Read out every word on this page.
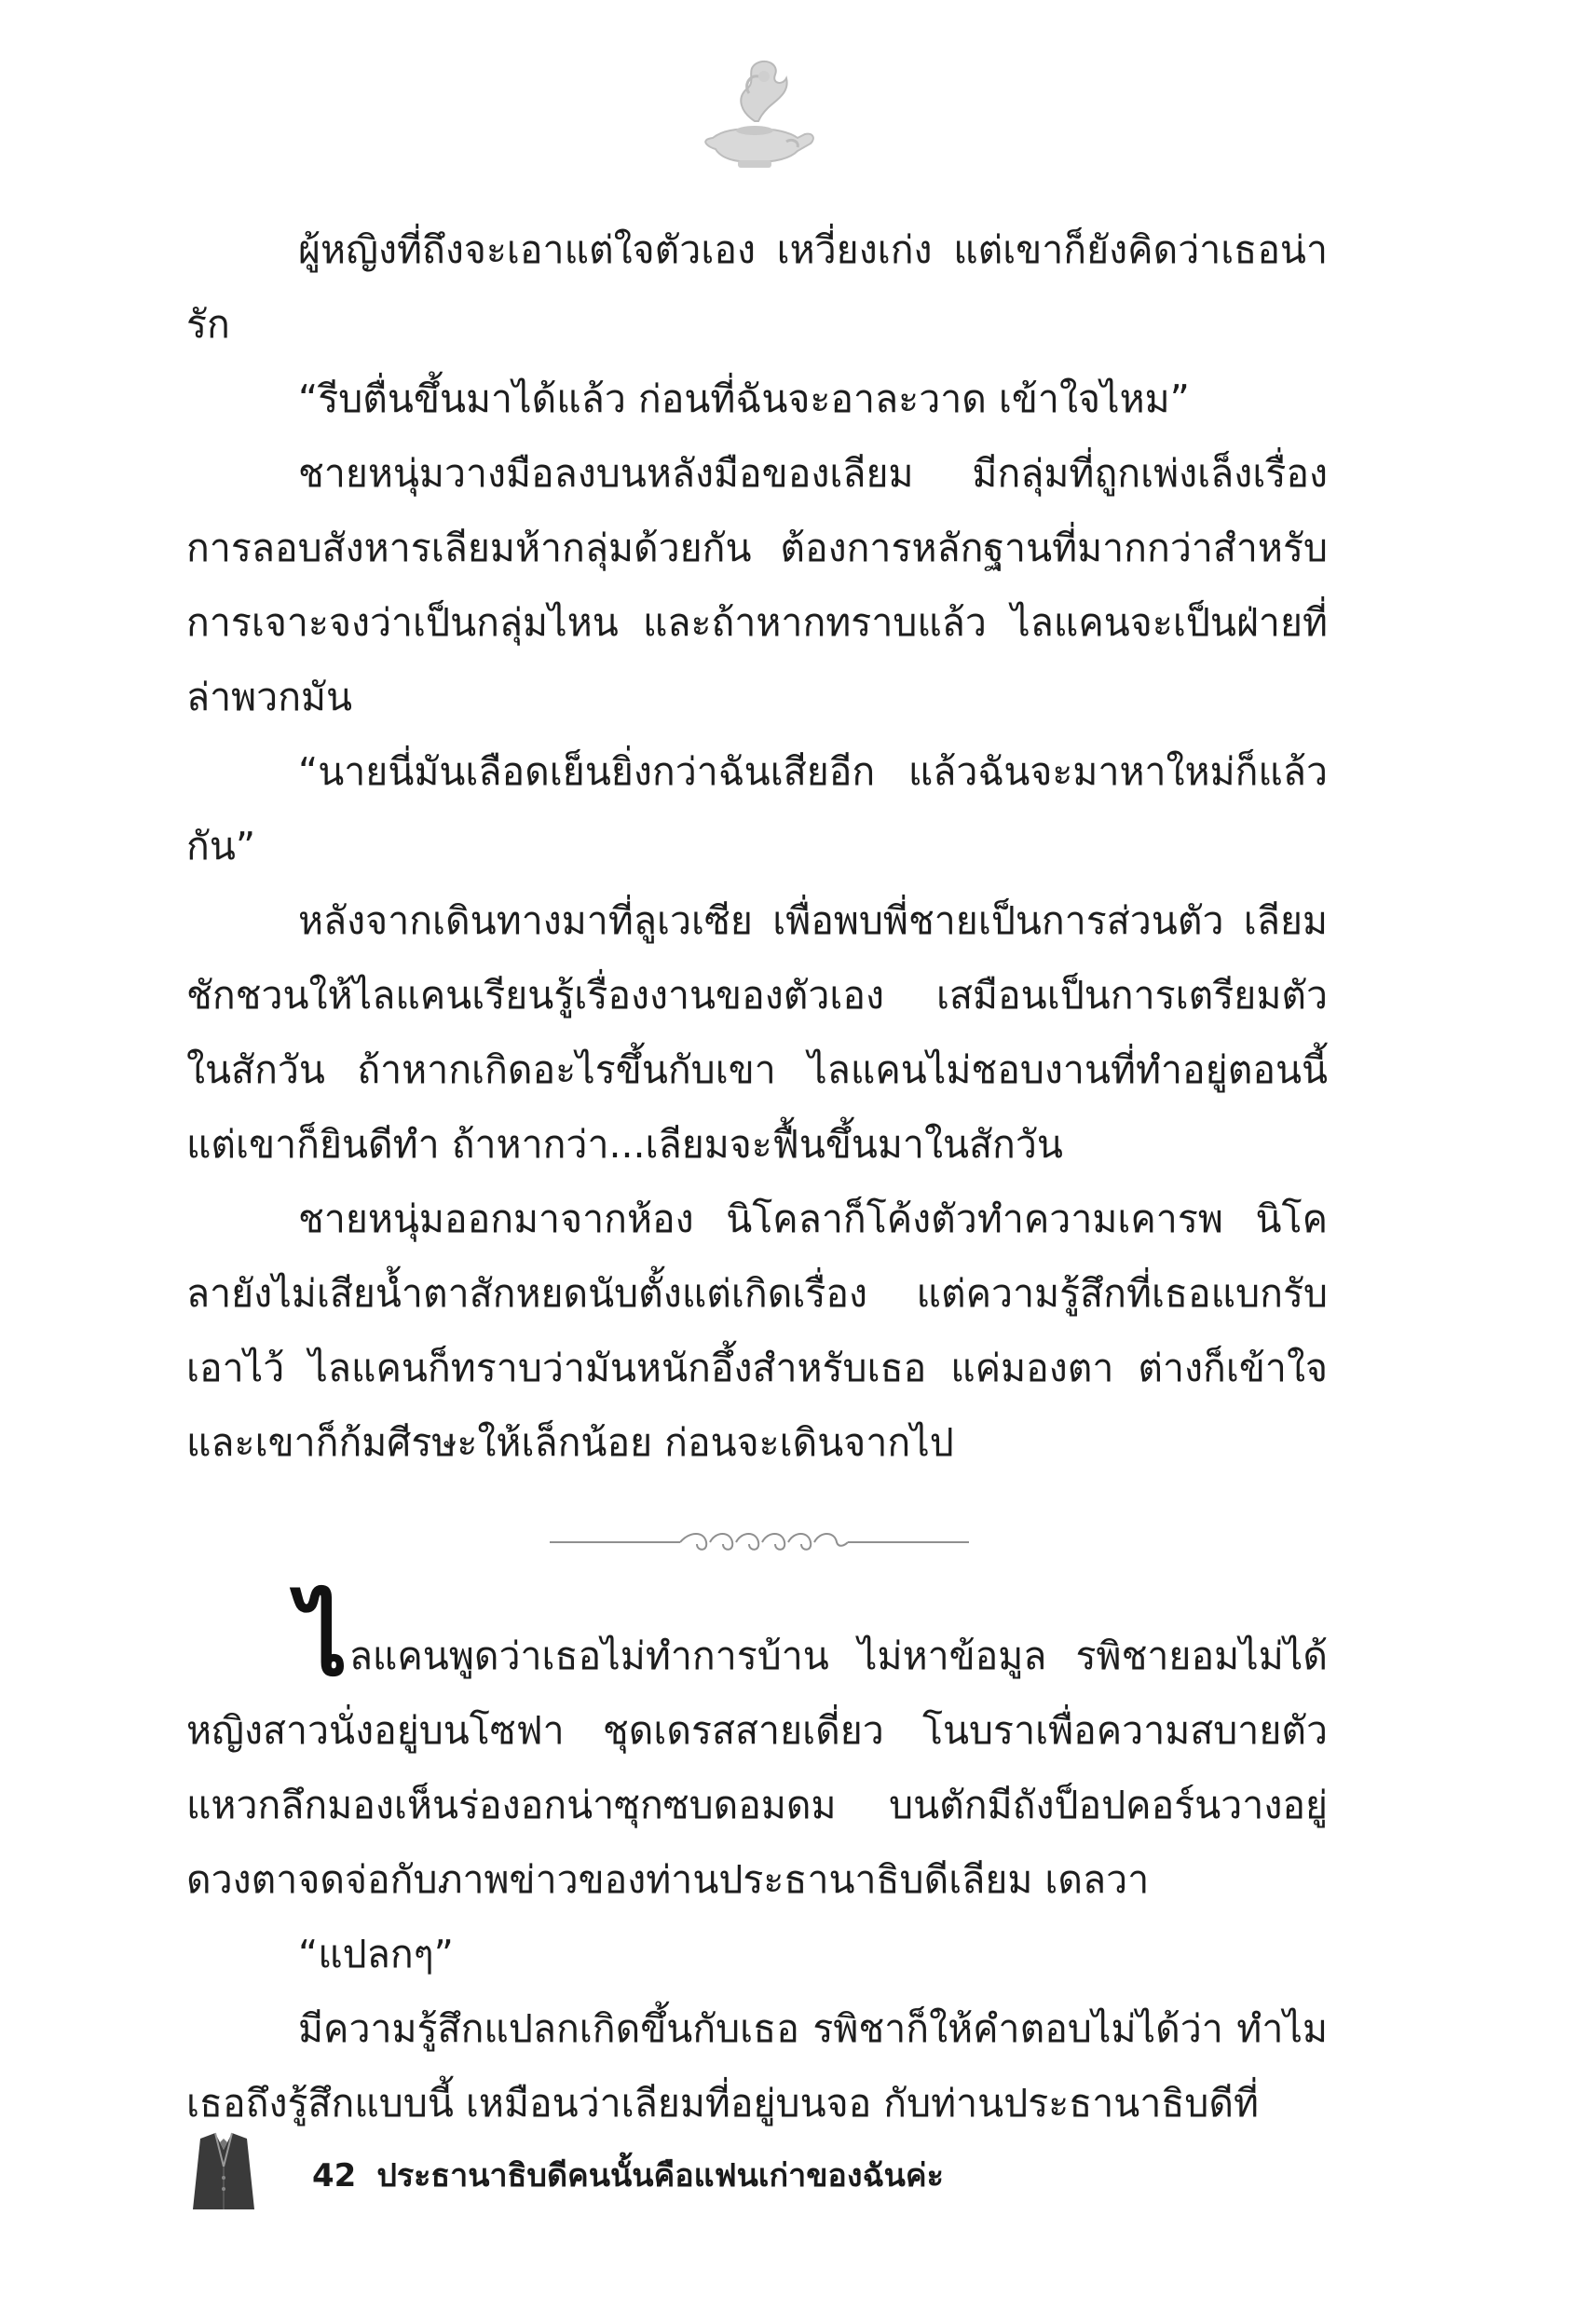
ผู้หญิงที่ถึงจะเอาแต่ใจตัวเอง เหวี่ยงเก่ง แต่เขาก็ยังคิดว่าเธอน่ารัก

“รีบตื่นขึ้นมาได้แล้ว ก่อนที่ฉันจะอาละวาด เข้าใจไหม”

ชายหนุ่มวางมือลงบนหลังมือของเลียม มีกลุ่มที่ถูกเพ่งเล็งเรื่องการลอบสังหารเลียมห้ากลุ่มด้วยกัน ต้องการหลักฐานที่มากกว่าสำหรับการเจาะจงว่าเป็นกลุ่มไหน และถ้าหากทราบแล้ว ไลแคนจะเป็นฝ่ายที่ล่าพวกมัน

“นายนี่มันเลือดเย็นยิ่งกว่าฉันเสียอีก แล้วฉันจะมาหาใหม่ก็แล้วกัน”

หลังจากเดินทางมาที่ลูเวเซีย เพื่อพบพี่ชายเป็นการส่วนตัว เลียมชักชวนให้ไลแคนเรียนรู้เรื่องงานของตัวเอง เสมือนเป็นการเตรียมตัวในสักวัน ถ้าหากเกิดอะไรขึ้นกับเขา ไลแคนไม่ชอบงานที่ทำอยู่ตอนนี้ แต่เขาก็ยินดีทำ ถ้าหากว่า...เลียมจะฟื้นขึ้นมาในสักวัน

ชายหนุ่มออกมาจากห้อง นิโคลาก็โค้งตัวทำความเคารพ นิโคลายังไม่เสียน้ำตาสักหยดนับตั้งแต่เกิดเรื่อง แต่ความรู้สึกที่เธอแบกรับเอาไว้ ไลแคนก็ทราบว่ามันหนักอึ้งสำหรับเธอ แค่มองตา ต่างก็เข้าใจ และเขาก็ก้มศีรษะให้เล็กน้อย ก่อนจะเดินจากไป

ไลแคนพูดว่าเธอไม่ทำการบ้าน ไม่หาข้อมูล รพิชายอมไม่ได้ หญิงสาวนั่งอยู่บนโซฟา ชุดเดรสสายเดี่ยว โนบราเพื่อความสบายตัว แหวกลึกมองเห็นร่องอกน่าซุกซบดอมดม บนตักมีถังป็อปคอร์นวางอยู่ ดวงตาจดจ่อกับภาพข่าวของท่านประธานาธิบดีเลียม เดลวา

“แปลกๆ”

มีความรู้สึกแปลกเกิดขึ้นกับเธอ รพิชาก็ให้คำตอบไม่ได้ว่า ทำไมเธอถึงรู้สึกแบบนี้ เหมือนว่าเลียมที่อยู่บนจอ กับท่านประธานาธิบดีที่

42 ประธานาธิบดีคนนั้นคือแฟนเก่าของฉันค่ะ
